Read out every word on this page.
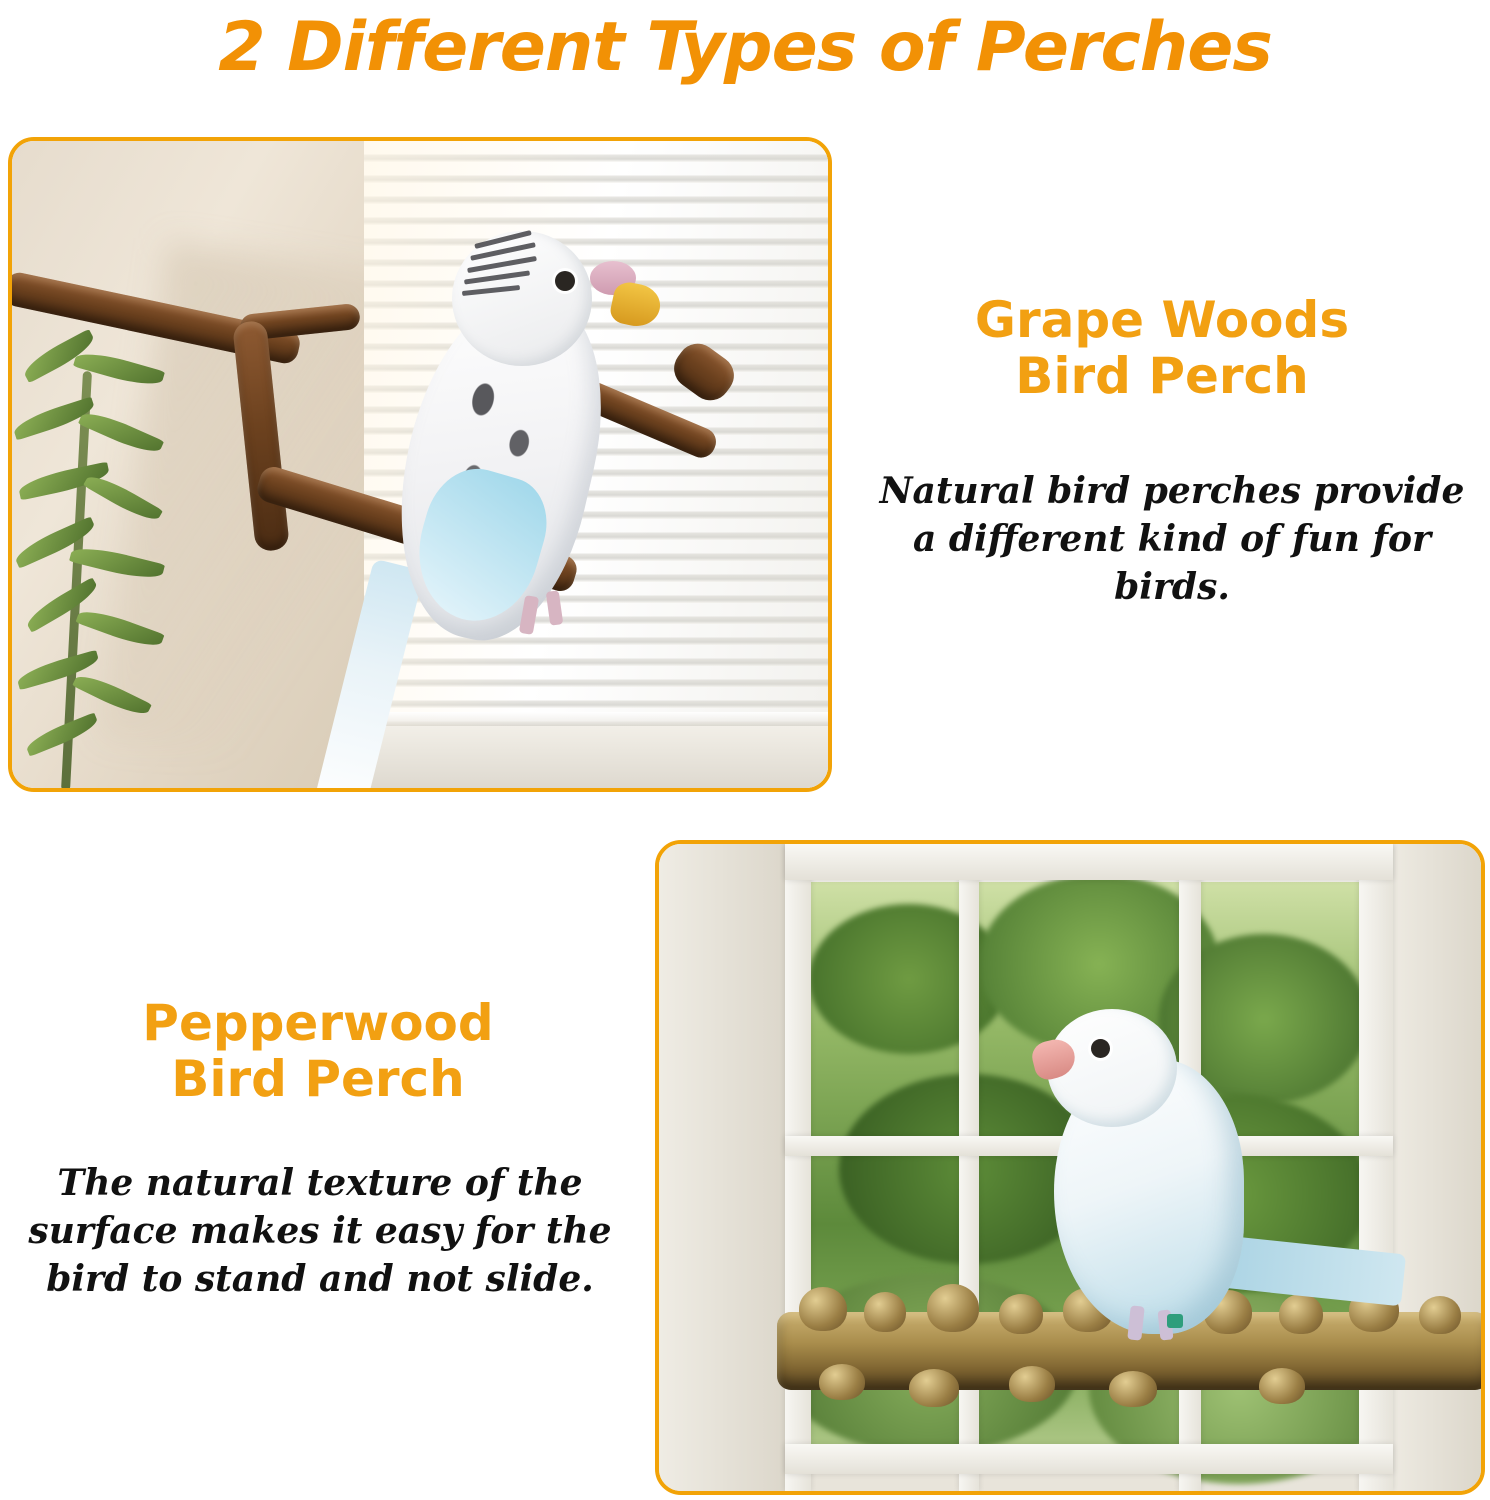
2 Different Types of Perches
Grape Woods
Bird Perch
Natural bird perches provide a different kind of fun for birds.
Pepperwood
Bird Perch
The natural texture of the surface makes it easy for the bird to stand and not slide.
